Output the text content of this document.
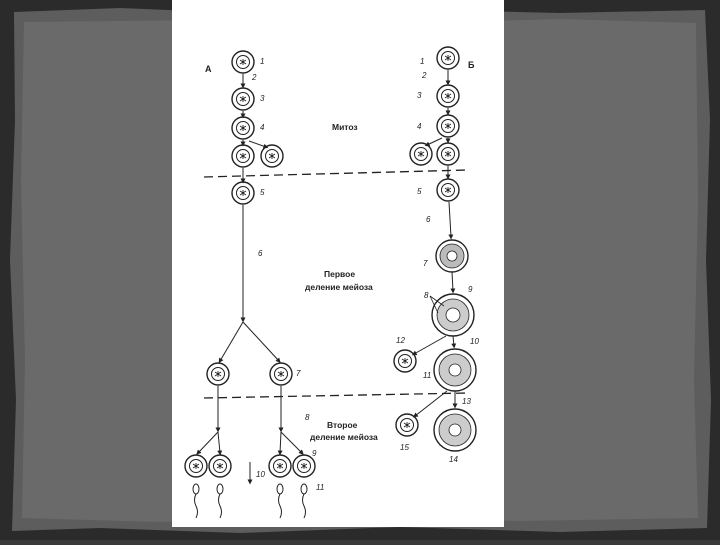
А	Б
Митоз
Первое
деление мейоза
Второе
деление мейоза
1
2
3
4
5
6
7
8
9
10
11
1
2
3
4
5
6
7
8
9
10
11
12
13
14
15
